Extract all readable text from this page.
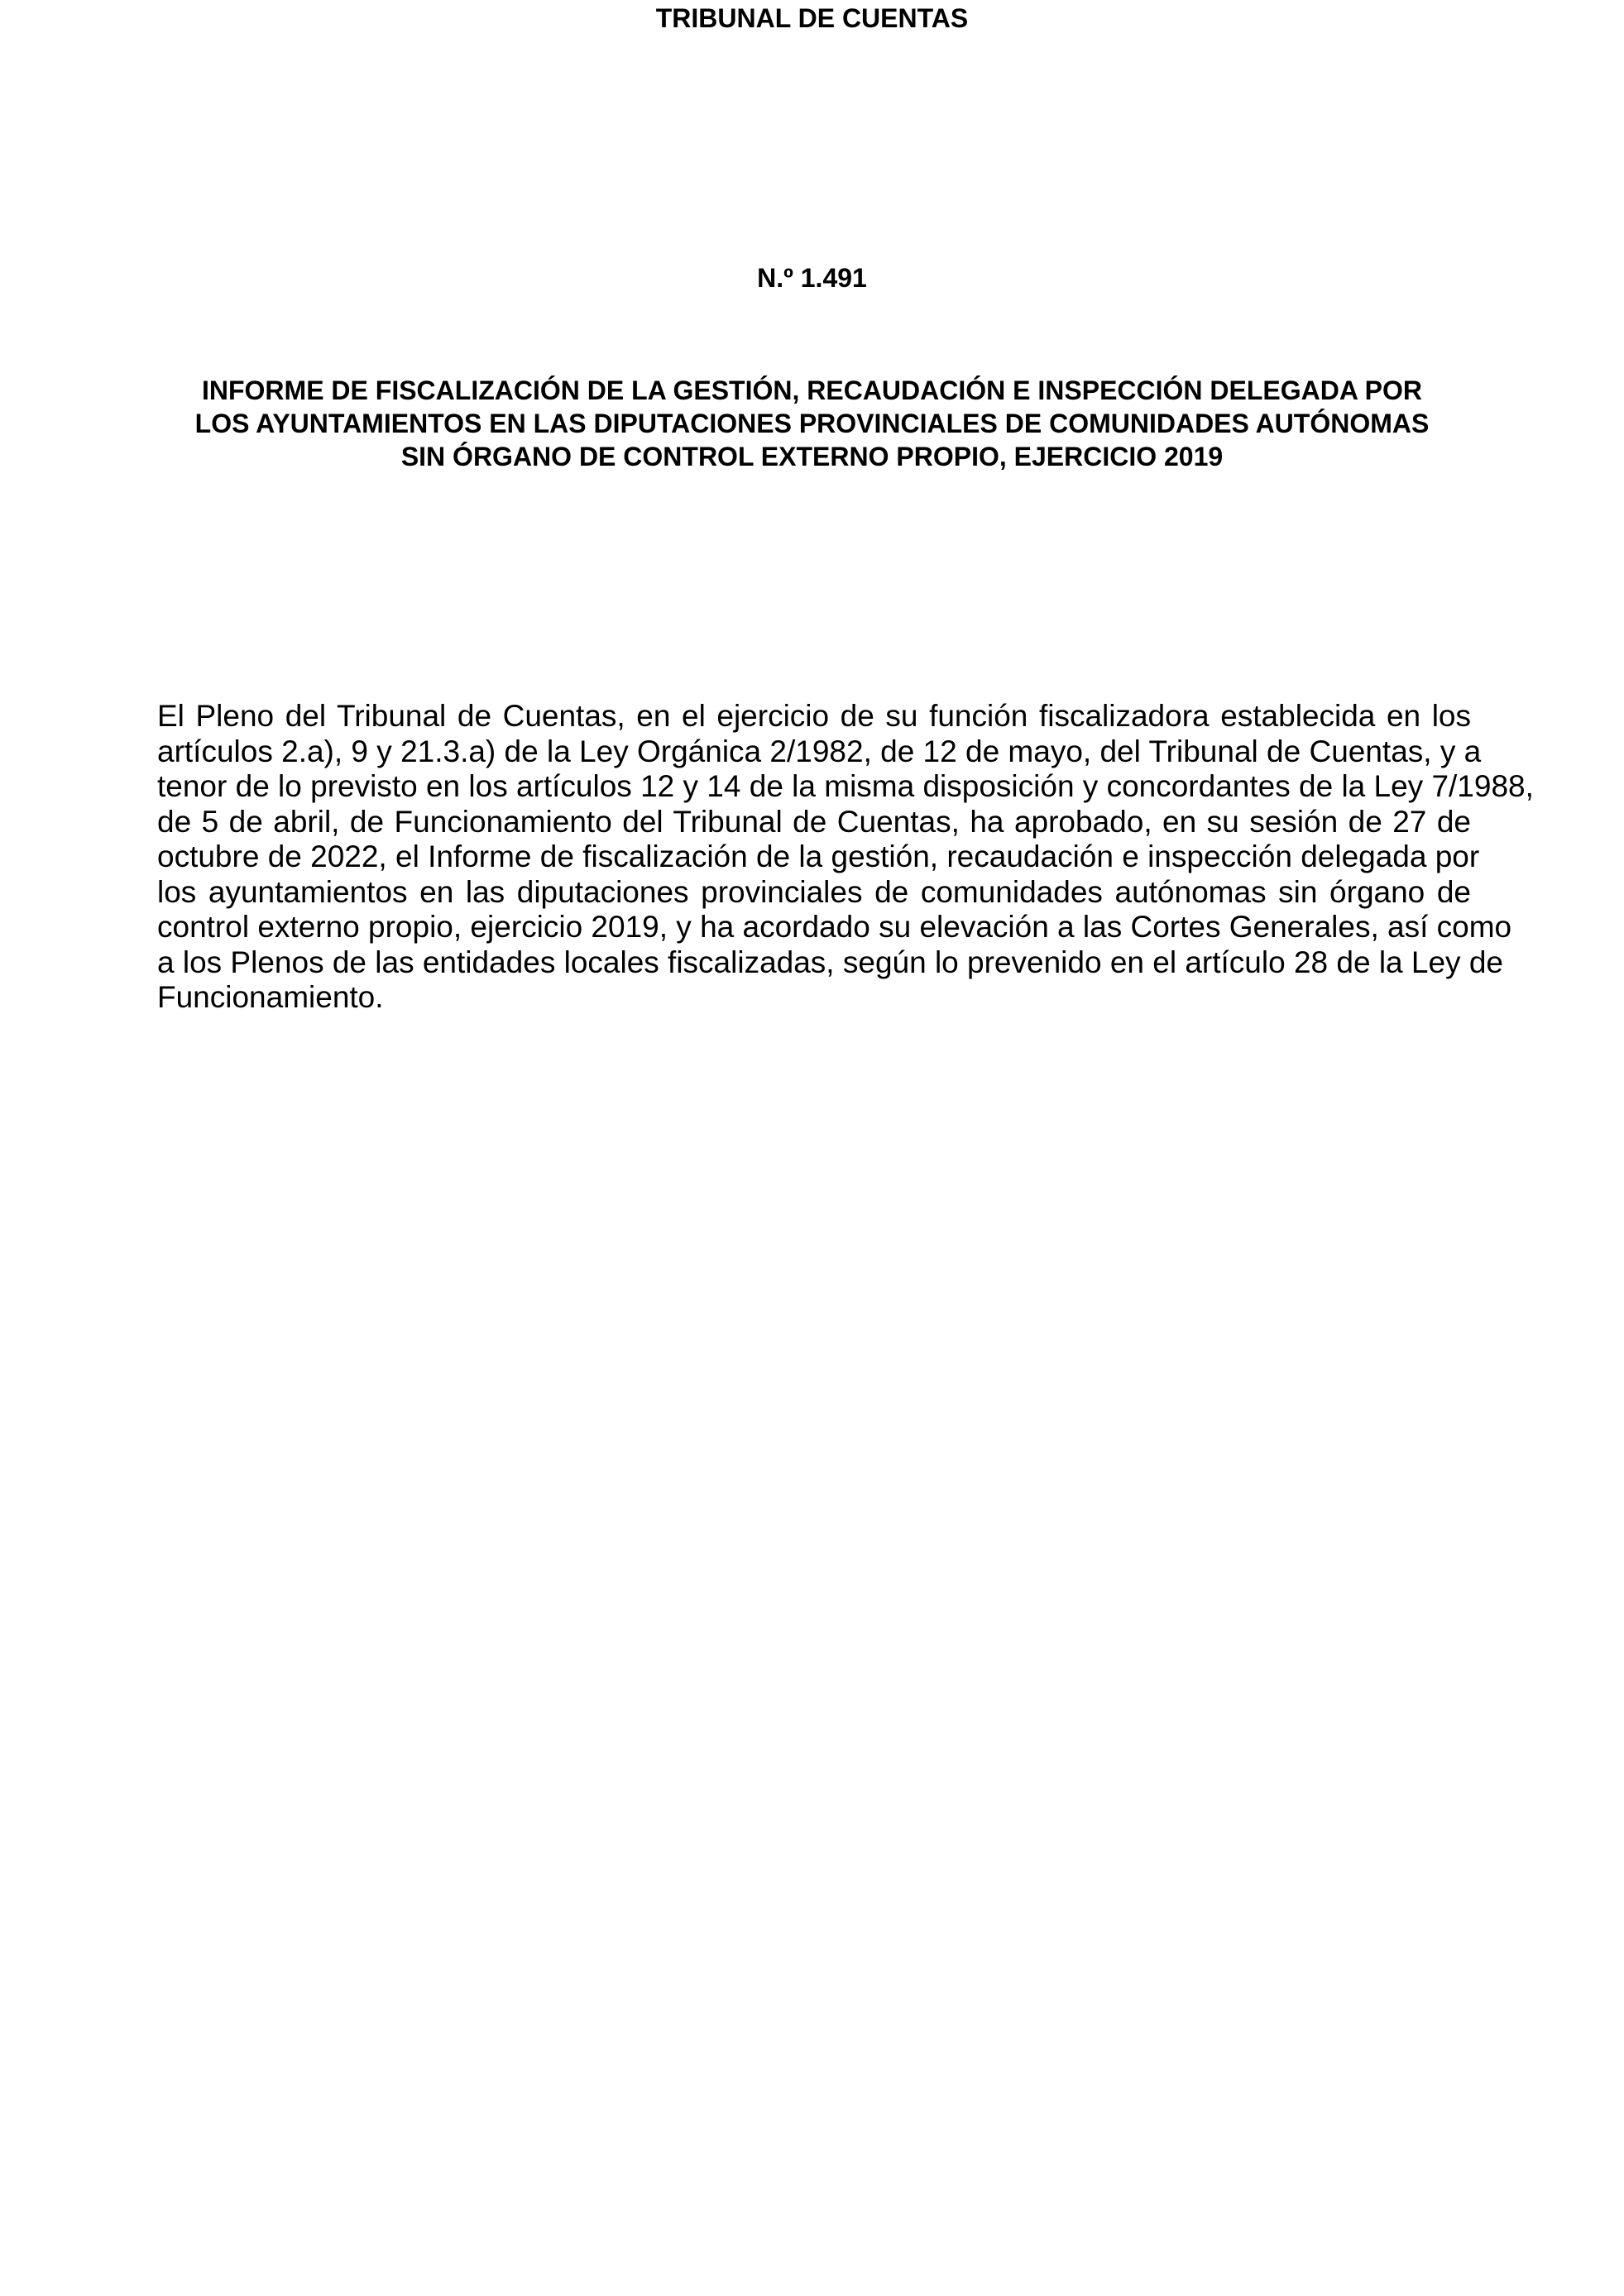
TRIBUNAL DE CUENTAS
N.º 1.491
INFORME DE FISCALIZACIÓN DE LA GESTIÓN, RECAUDACIÓN E INSPECCIÓN DELEGADA POR
LOS AYUNTAMIENTOS EN LAS DIPUTACIONES PROVINCIALES DE COMUNIDADES AUTÓNOMAS
SIN ÓRGANO DE CONTROL EXTERNO PROPIO, EJERCICIO 2019
El Pleno del Tribunal de Cuentas, en el ejercicio de su función fiscalizadora establecida en los
artículos 2.a), 9 y 21.3.a) de la Ley Orgánica 2/1982, de 12 de mayo, del Tribunal de Cuentas, y a
tenor de lo previsto en los artículos 12 y 14 de la misma disposición y concordantes de la Ley 7/1988,
de 5 de abril, de Funcionamiento del Tribunal de Cuentas, ha aprobado, en su sesión de 27 de
octubre de 2022, el Informe de fiscalización de la gestión, recaudación e inspección delegada por
los ayuntamientos en las diputaciones provinciales de comunidades autónomas sin órgano de
control externo propio, ejercicio 2019, y ha acordado su elevación a las Cortes Generales, así como
a los Plenos de las entidades locales fiscalizadas, según lo prevenido en el artículo 28 de la Ley de
Funcionamiento.
